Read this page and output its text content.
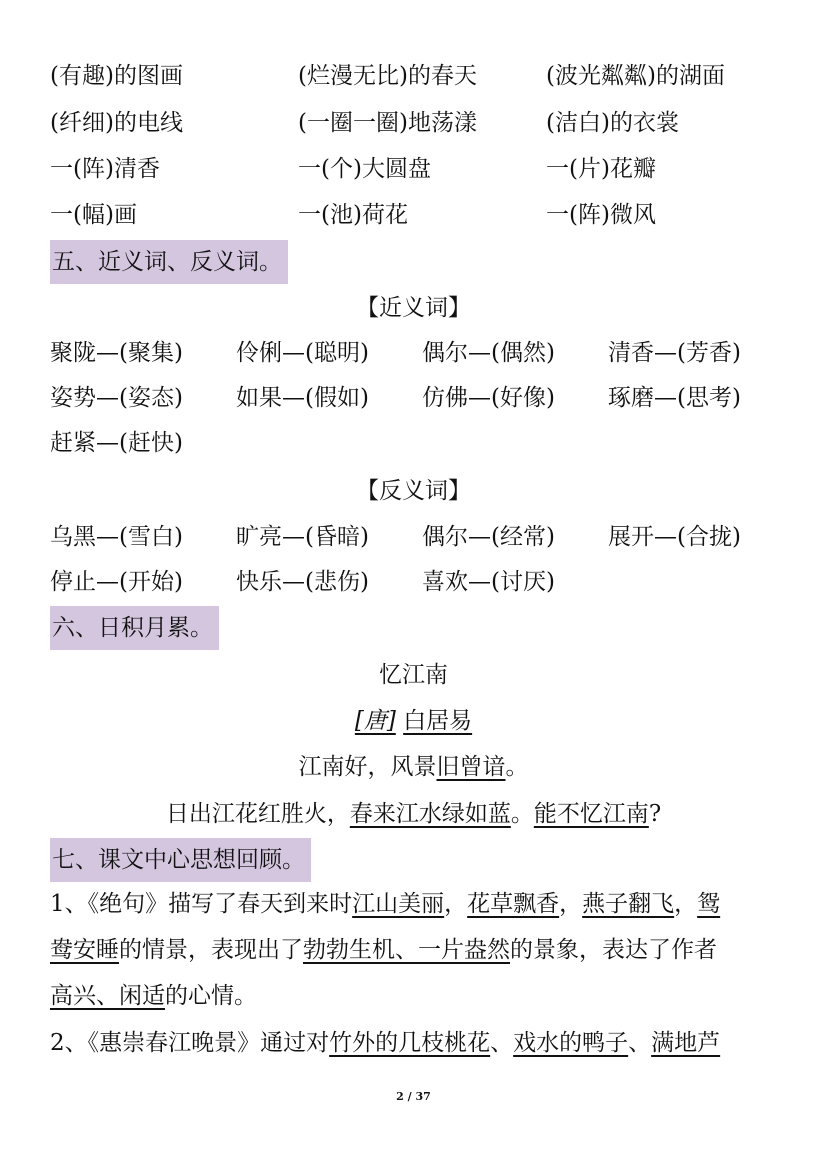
(有趣)的图画	(烂漫无比)的春天	(波光粼粼)的湖面
(纤细)的电线	(一圈一圈)地荡漾	(洁白)的衣裳
一(阵)清香	一(个)大圆盘	一(片)花瓣
一(幅)画	一(池)荷花	一(阵)微风
五、近义词、反义词。
【近义词】
聚陇—(聚集) 伶俐—(聪明) 偶尔—(偶然) 清香—(芳香)
姿势—(姿态) 如果—(假如) 仿佛—(好像) 琢磨—(思考)
赶紧—(赶快)
【反义词】
乌黑—(雪白) 旷亮—(昏暗) 偶尔—(经常) 展开—(合拢)
停止—(开始) 快乐—(悲伤) 喜欢—(讨厌)
六、日积月累。
忆江南
[唐] 白居易
江南好，风景旧曾谙。
日出江花红胜火，春来江水绿如蓝。能不忆江南?
七、课文中心思想回顾。
1、《绝句》描写了春天到来时江山美丽，花草飘香，燕子翻飞，鸳
鸯安睡的情景，表现出了勃勃生机、一片盎然的景象，表达了作者
高兴、闲适的心情。
2、《惠崇春江晚景》通过对竹外的几枝桃花、戏水的鸭子、满地芦
2 / 37
